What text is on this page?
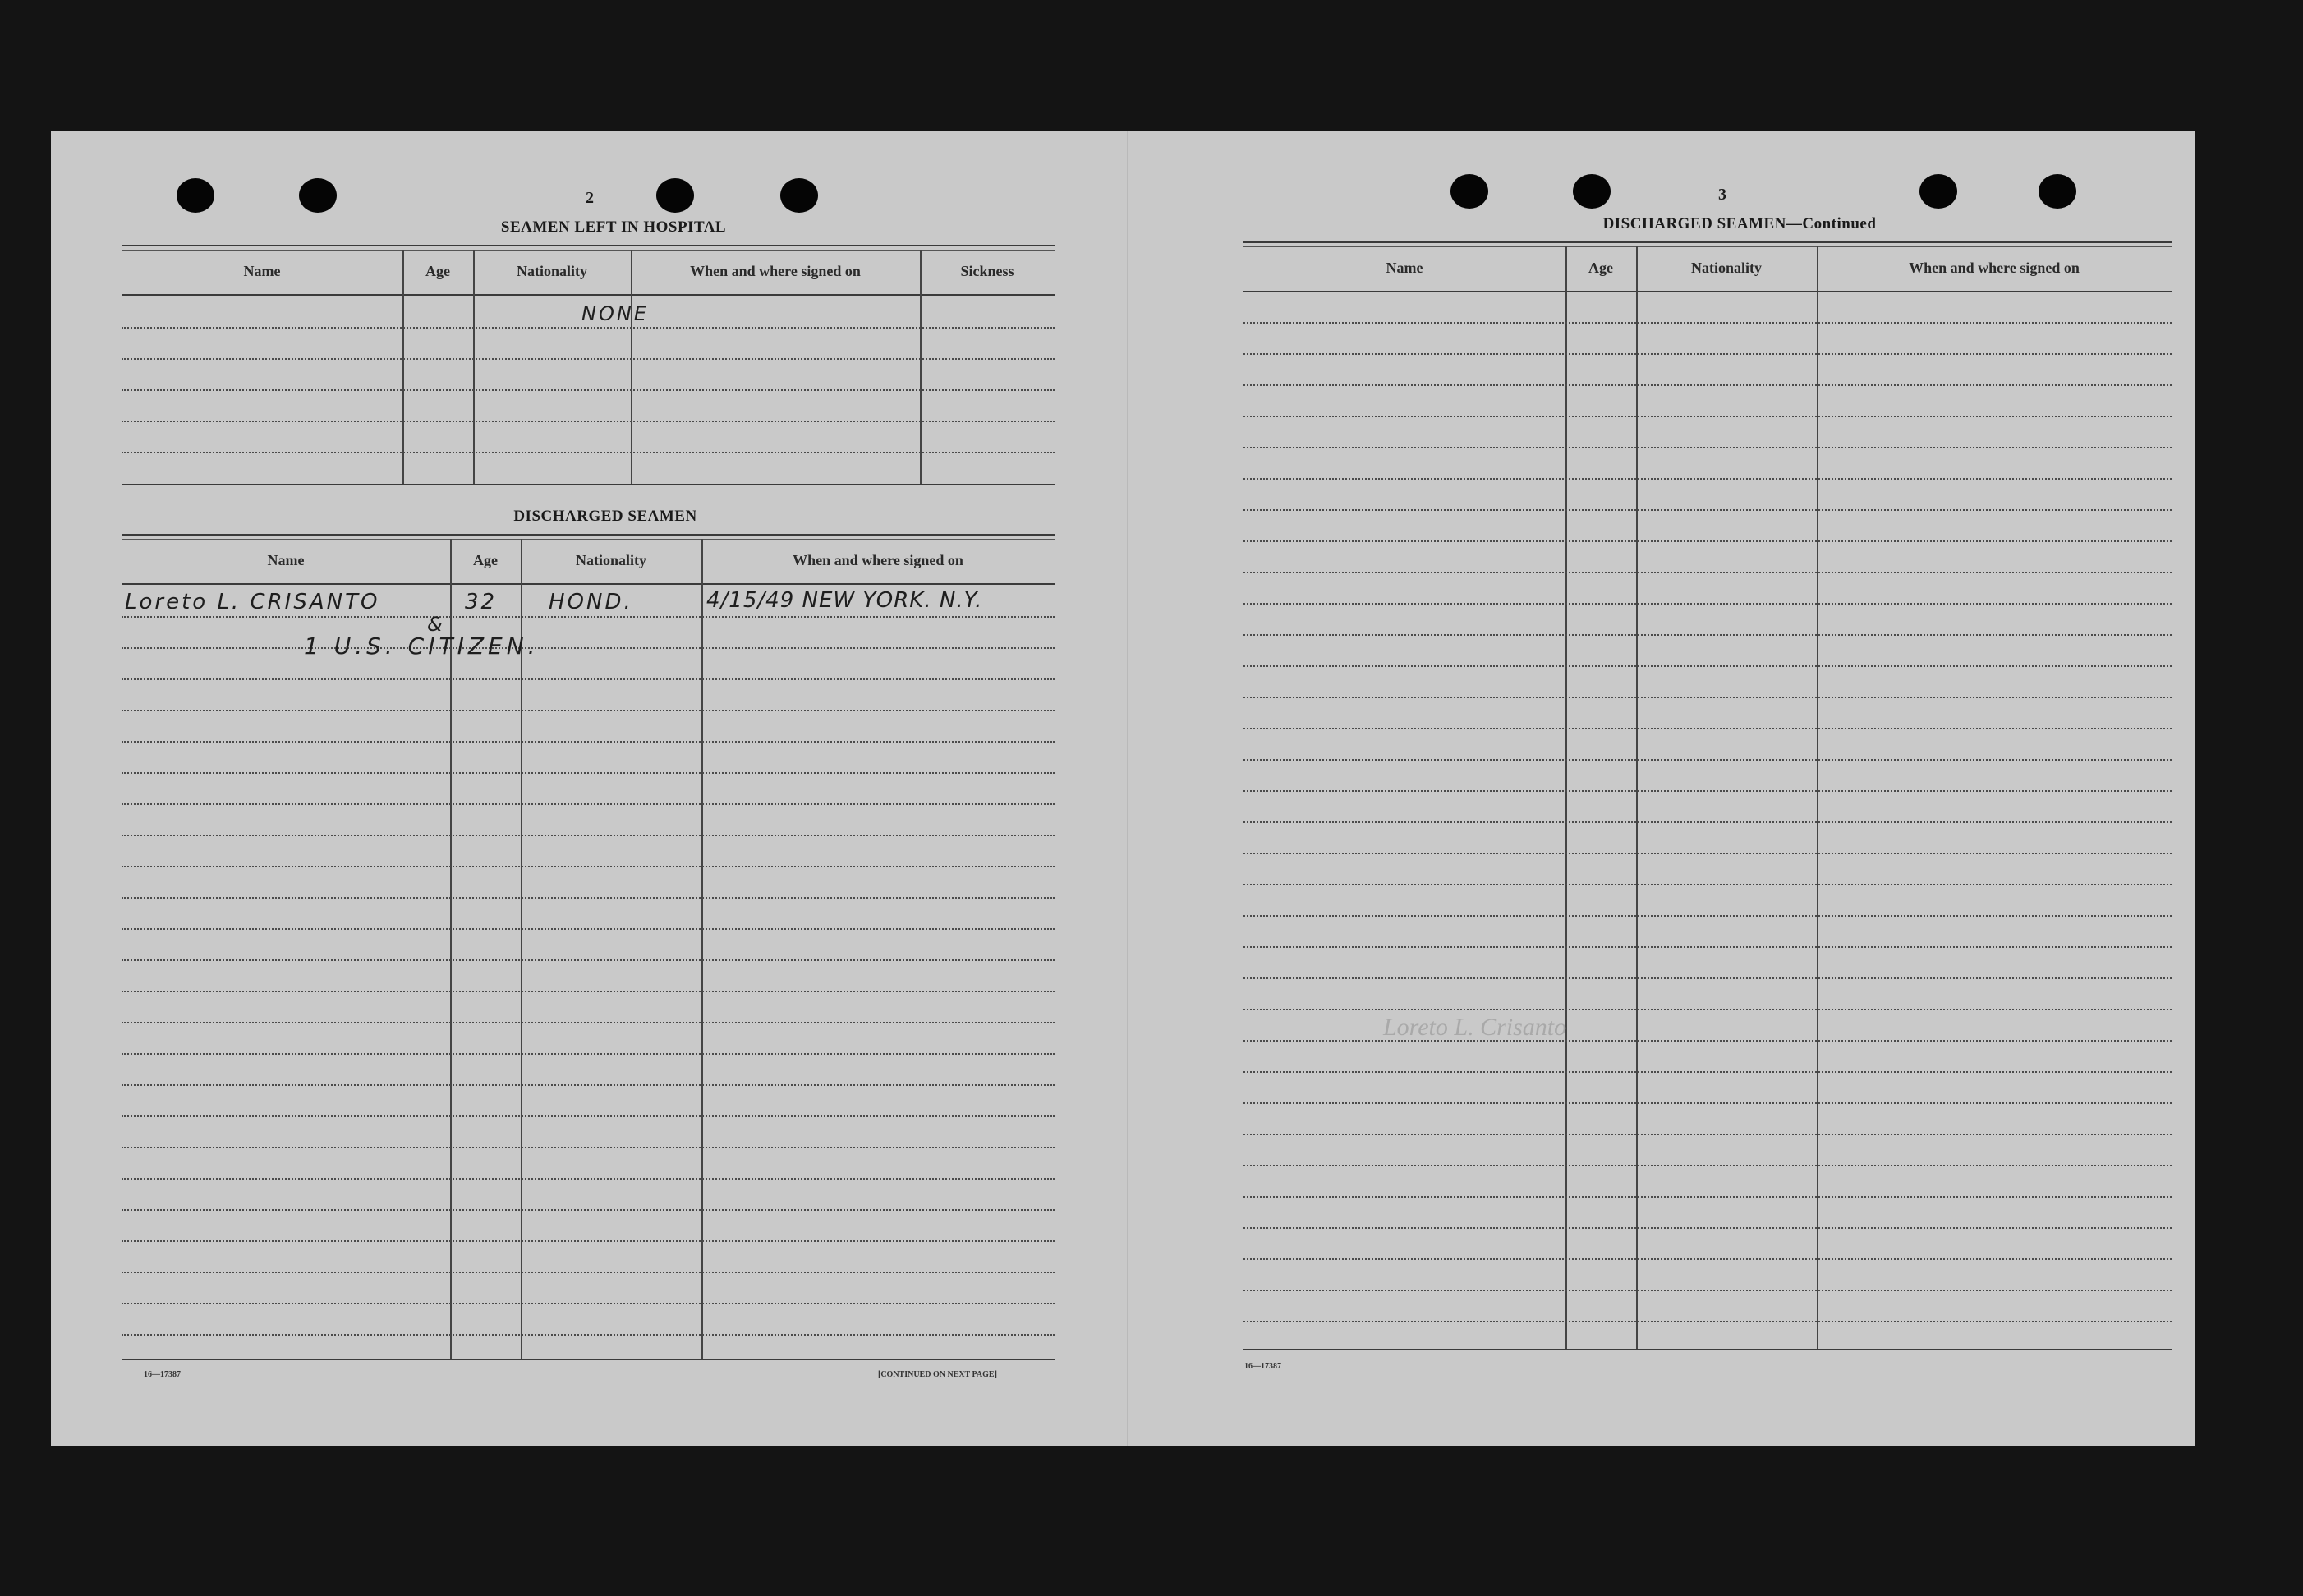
2
SEAMEN LEFT IN HOSPITAL
Name	Age	Nationality	When and where signed on	Sickness
NONE
DISCHARGED SEAMEN
Name	Age	Nationality	When and where signed on
Loreto L. CRISANTO	32 HOND.	4/15/49 NEW YORK. N.Y.
&
1 U.S. CITIZEN.
16—17387	[CONTINUED ON NEXT PAGE]
3
DISCHARGED SEAMEN—Continued
Name	Age	Nationality	When and where signed on
Loreto L. Crisanto
16—17387
